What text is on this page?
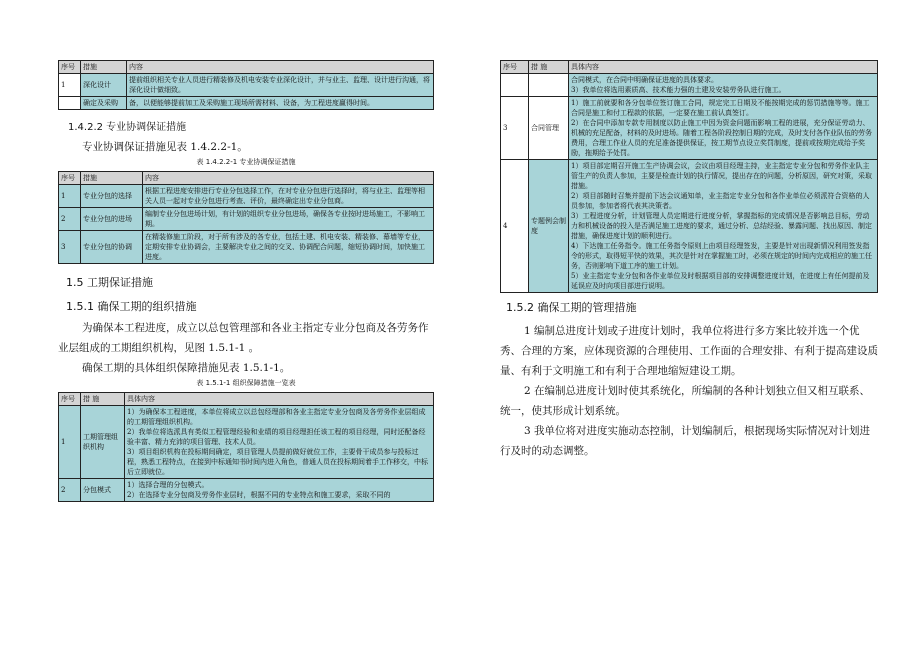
序号	措施	内容
1	深化设计	提前组织相关专业人员进行精装修及机电安装专业深化设计，并与业主、监理、设计进行沟通，将深化设计做细致。
	确定及采购	备，以便能够提前加工及采购施工现场所需材料、设备，为工程进度赢得时间。
1.4.2.2 专业协调保证措施
专业协调保证措施见表 1.4.2.2-1。
表 1.4.2.2-1 专业协调保证措施
序号	措施	内容
1	专业分包的选择	根据工程进度安排进行专业分包选择工作，在对专业分包进行选择时，将与业主、监理等相关人员一起对专业分包进行考查、评价，最终确定出专业分包商。
2	专业分包的进场	编制专业分包进场计划，有计划的组织专业分包进场，确保各专业按时进场施工，不影响工期。
3	专业分包的协调	在精装修施工阶段，对于所有涉及的各专业，包括土建、机电安装、精装修、幕墙等专业，定期安排专业协调会，主要解决专业之间的交叉、协调配合问题，缩短协调时间，加快施工进度。
1.5 工期保证措施
1.5.1 确保工期的组织措施
为确保本工程进度，成立以总包管理部和各业主指定专业分包商及各劳务作业层组成的工期组织机构，见图 1.5.1-1 。
确保工期的具体组织保障措施见表 1.5.1-1。
表 1.5.1-1 组织保障措施一览表
序号	措 施	具体内容
1	工期管理组织机构	1）为确保本工程进度，本单位将成立以总包经理部和各业主指定专业分包商及各劳务作业层组成的工期管理组织机构。
2）我单位将选派具有类似工程管理经验和业绩的项目经理担任该工程的项目经理，同时还配备经验丰富、精力充沛的项目管理、技术人员。
3）项目组织机构在投标期间确定，项目管理人员提前做好就位工作，主要骨干成员参与投标过程，熟悉工程特点，在接到中标通知书时间内进入角色，普通人员在投标期间着手工作移交，中标后立即就位。

2	分包模式	1）选择合理的分包模式。
2）在选择专业分包商及劳务作业层时，根据不同的专业特点和施工要求，采取不同的
序号	措 施	具体内容

		合同模式，在合同中明确保证进度的具体要求。
3）我单位将选用素质高、技术能力强的土建及安装劳务队进行施工。

3	合同管理	1）施工前就要和各分包单位签订施工合同，规定完工日期及不能按期完成的惩罚措施等等。施工合同是施工和付工程款的依据，一定要在施工前认真签订。
2）在合同中添加专款专用制度以防止施工中因为资金问题而影响工程的进展，充分保证劳动力、机械的充足配备，材料的及时进场。随着工程各阶段控制日期的完成，及时支付各作业队伍的劳务费用，合理工作业人员的充足准备提供保证，按工期节点设立奖罚制度，提前或按期完成给予奖励，拖期给予处罚。

4	专题例会制度	1）项目部定期召开施工生产协调会议，会议由项目经理主持，业主指定专业分包和劳务作业队主管生产的负责人参加，主要是检查计划的执行情况，提出存在的问题，分析原因，研究对策，采取措施。
2）项目部随时召集并提前下达会议通知单，业主指定专业分包和各作业单位必须派符合资格的人员参加，参加者将代表其决策者。
3）工程进度分析，计划管理人员定期进行进度分析，掌握指标的完成情况是否影响总目标，劳动力和机械设备的投入是否满足施工进度的要求，通过分析、总结经验、暴露问题、找出原因、制定措施，确保进度计划的顺利进行。
4）下达施工任务指令。施工任务指令原则上由项目经理签发，主要是针对出现新情况利用签发指令的形式，取得短平快的效果，其次是针对在掌握施工时，必须在规定的时间内完成相应的施工任务，否则影响下道工序的施工计划。
5）业主指定专业分包和各作业单位及时根据项目部的安排调整进度计划，在进度上有任何提前及延误应及时向项目部进行说明。
1.5.2 确保工期的管理措施
1 编制总进度计划或子进度计划时，我单位将进行多方案比较并选一个优秀、合理的方案，应体现资源的合理使用、工作面的合理安排、有利于提高建设质量、有利于文明施工和有利于合理地缩短建设工期。
2 在编制总进度计划时使其系统化，所编制的各种计划独立但又相互联系、统一，使其形成计划系统。
3 我单位将对进度实施动态控制，计划编制后，根据现场实际情况对计划进行及时的动态调整。
